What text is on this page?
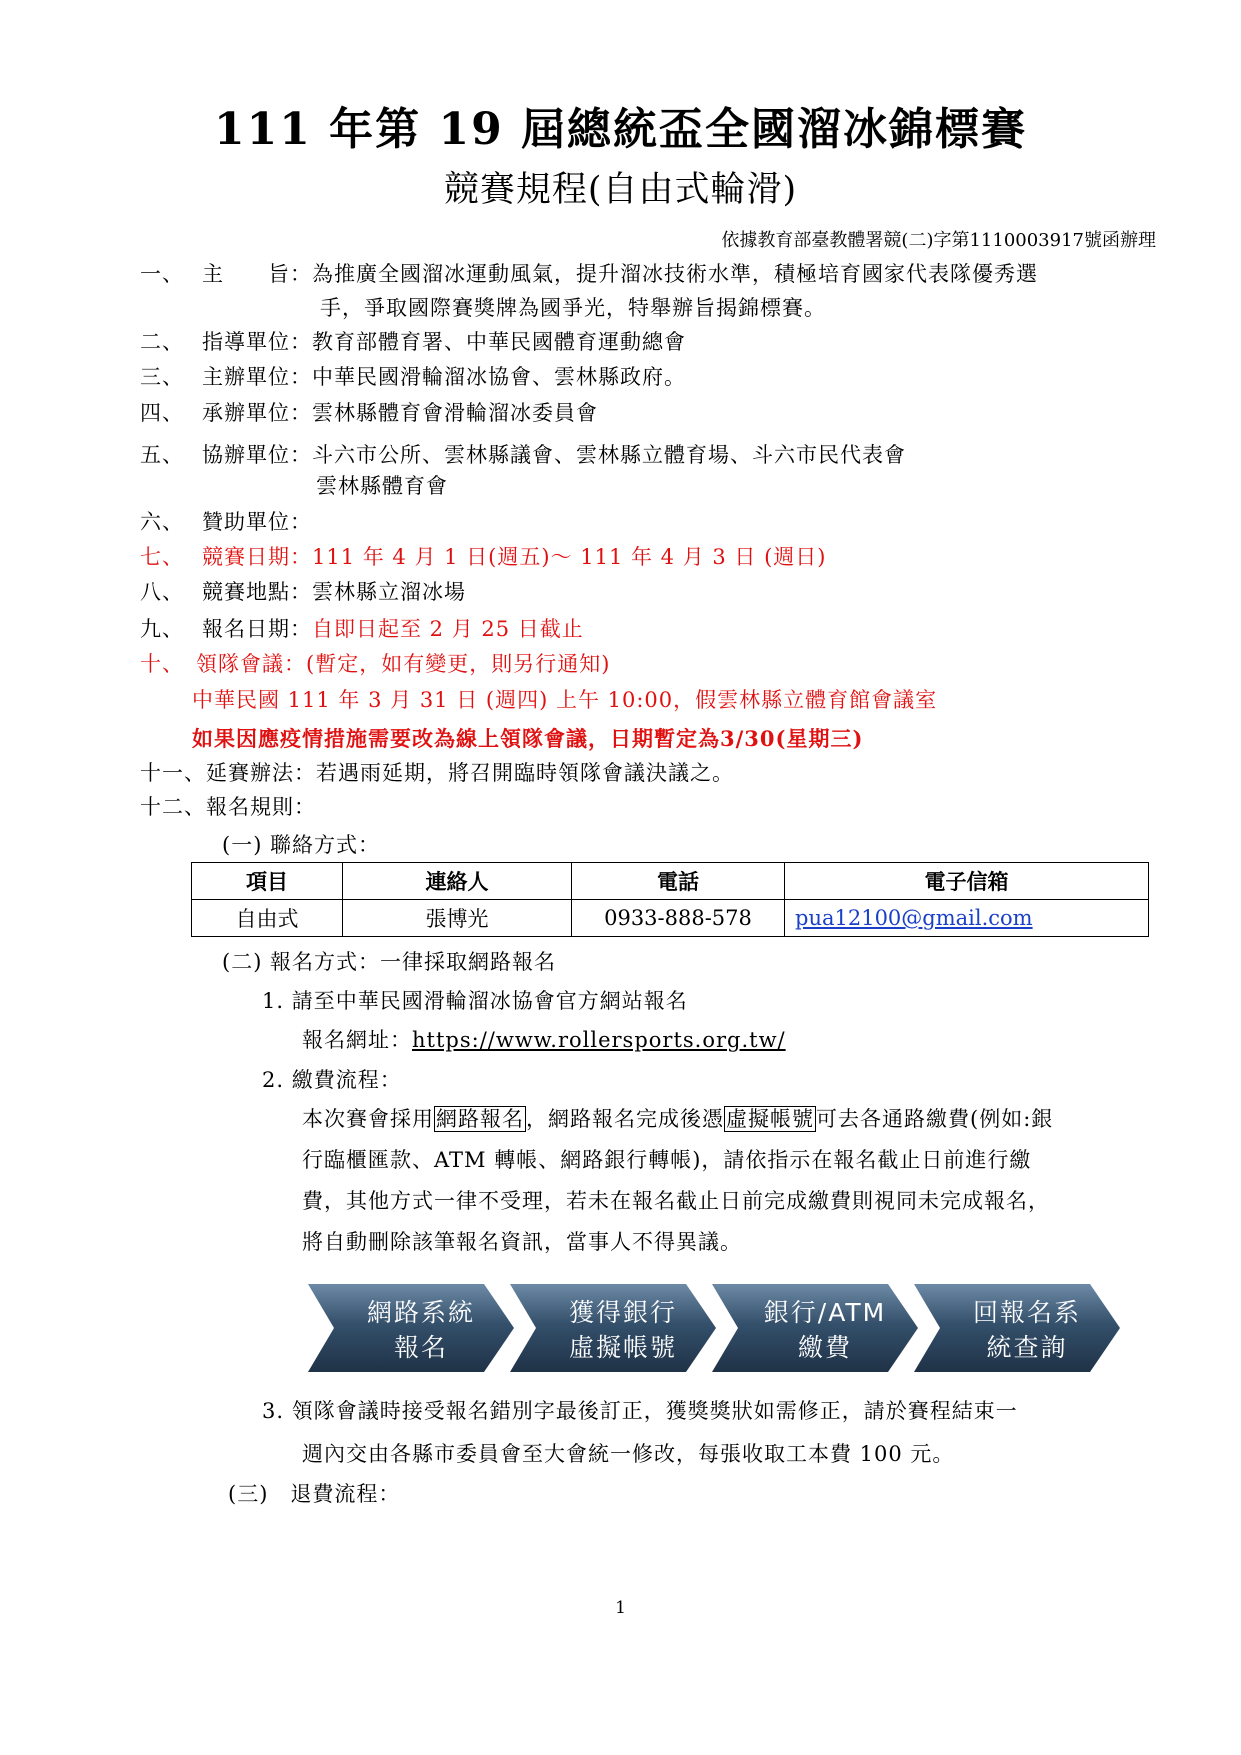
111 年第 19 屆總統盃全國溜冰錦標賽
競賽規程(自由式輪滑)
依據教育部臺教體署競(二)字第1110003917號函辦理
一、 主　　旨：為推廣全國溜冰運動風氣，提升溜冰技術水準，積極培育國家代表隊優秀選
手，爭取國際賽獎牌為國爭光，特舉辦旨揭錦標賽。
二、 指導單位：教育部體育署、中華民國體育運動總會
三、 主辦單位：中華民國滑輪溜冰協會、雲林縣政府。
四、 承辦單位：雲林縣體育會滑輪溜冰委員會
五、 協辦單位：斗六市公所、雲林縣議會、雲林縣立體育場、斗六市民代表會
雲林縣體育會
六、 贊助單位：
七、 競賽日期：111 年 4 月 1 日(週五)～ 111 年 4 月 3 日 (週日)
八、 競賽地點：雲林縣立溜冰場
九、 報名日期：自即日起至 2 月 25 日截止
十、 領隊會議：(暫定，如有變更，則另行通知)
中華民國 111 年 3 月 31 日 (週四) 上午 10:00，假雲林縣立體育館會議室
如果因應疫情措施需要改為線上領隊會議，日期暫定為3/30(星期三)
十一、延賽辦法：若遇雨延期，將召開臨時領隊會議決議之。
十二、報名規則：
(一) 聯絡方式：
項目	連絡人	電話	電子信箱
自由式	張博光	0933-888-578	pua12100@gmail.com
(二) 報名方式：一律採取網路報名
1. 請至中華民國滑輪溜冰協會官方網站報名
報名網址：https://www.rollersports.org.tw/
2. 繳費流程：
本次賽會採用網路報名，網路報名完成後憑虛擬帳號可去各通路繳費(例如:銀
行臨櫃匯款、ATM 轉帳、網路銀行轉帳)，請依指示在報名截止日前進行繳
費，其他方式一律不受理，若未在報名截止日前完成繳費則視同未完成報名，
將自動刪除該筆報名資訊，當事人不得異議。
網路系統
報名
獲得銀行
虛擬帳號
銀行/ATM
繳費
回報名系
統查詢
3. 領隊會議時接受報名錯別字最後訂正，獲獎獎狀如需修正，請於賽程結束一
週內交由各縣市委員會至大會統一修改，每張收取工本費 100 元。
(三)　退費流程：
1
